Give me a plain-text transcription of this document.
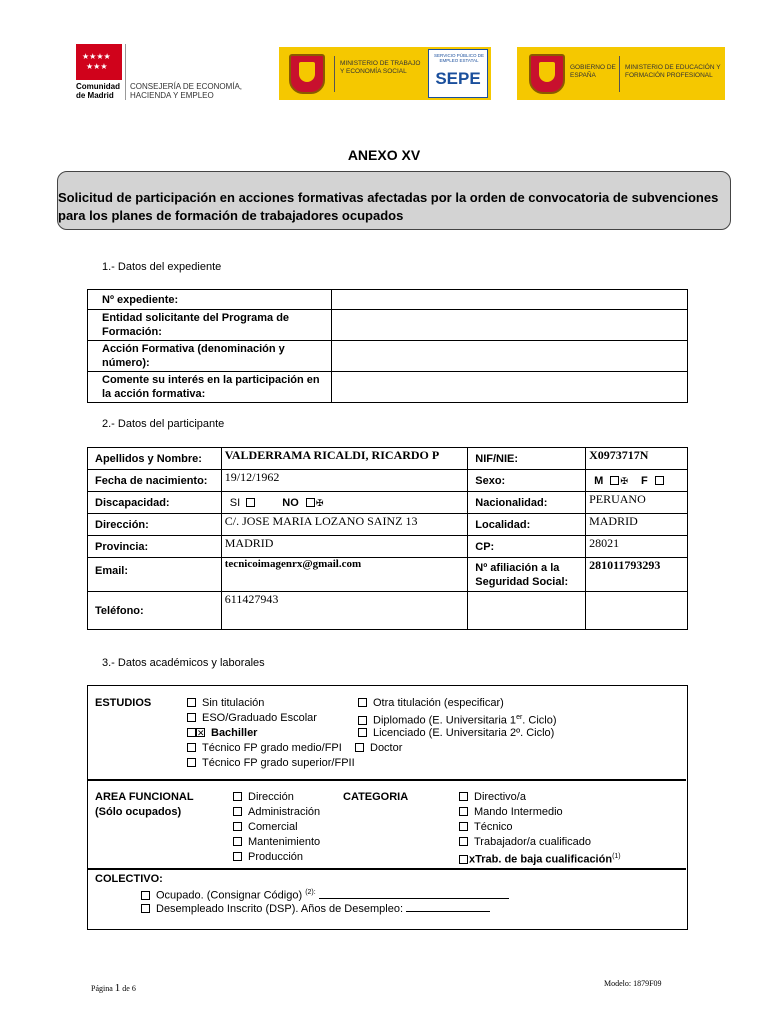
★★★★
★★★
Comunidad de Madrid
CONSEJERÍA DE ECONOMÍA, HACIENDA Y EMPLEO
MINISTERIO DE TRABAJO Y ECONOMÍA SOCIAL
SERVICIO PÚBLICO DE EMPLEO ESTATAL
SEPE
GOBIERNO DE ESPAÑA
MINISTERIO DE EDUCACIÓN Y FORMACIÓN PROFESIONAL
ANEXO XV
Solicitud de participación en acciones formativas afectadas por la orden de convocatoria de subvenciones para los planes de formación de trabajadores ocupados
1.- Datos del expediente
Nº expediente:	
Entidad solicitante del Programa de Formación:	
Acción Formativa (denominación y número):	
Comente su interés en la participación en la acción formativa:	
2.- Datos del participante
Apellidos y Nombre:	VALDERRAMA RICALDI, RICARDO P	NIF/NIE:	X0973717N
Fecha de nacimiento:	19/12/1962	Sexo:	M ✠ F
Discapacidad:	SI NO ✠	Nacionalidad:	PERUANO
Dirección:	C/. JOSE MARIA LOZANO SAINZ 13	Localidad:	MADRID
Provincia:	MADRID	CP:	28021
Email:	tecnicoimagenrx@gmail.com	Nº afiliación a la Seguridad Social:	281011793293
Teléfono:	611427943		
3.- Datos académicos y laborales
ESTUDIOS	Sin titulación
ESO/Graduado Escolar
✕Bachiller
Técnico FP grado medio/FPI
Técnico FP grado superior/FPII
Otra titulación (especificar)
Diplomado (E. Universitaria 1er. Ciclo)
Licenciado (E. Universitaria 2º. Ciclo)
Doctor
AREA FUNCIONAL
(Sólo ocupados)
Dirección
Administración
Comercial
Mantenimiento
Producción
CATEGORIA	Directivo/a
Mando Intermedio
Técnico
Trabajador/a cualificado
xTrab. de baja cualificación$^{(1)}$
COLECTIVO:
Ocupado. (Consignar Código) $^{(2):}$
Desempleado Inscrito (DSP). Años de Desempleo:
Página 1 de 6
Modelo: 1879F09
